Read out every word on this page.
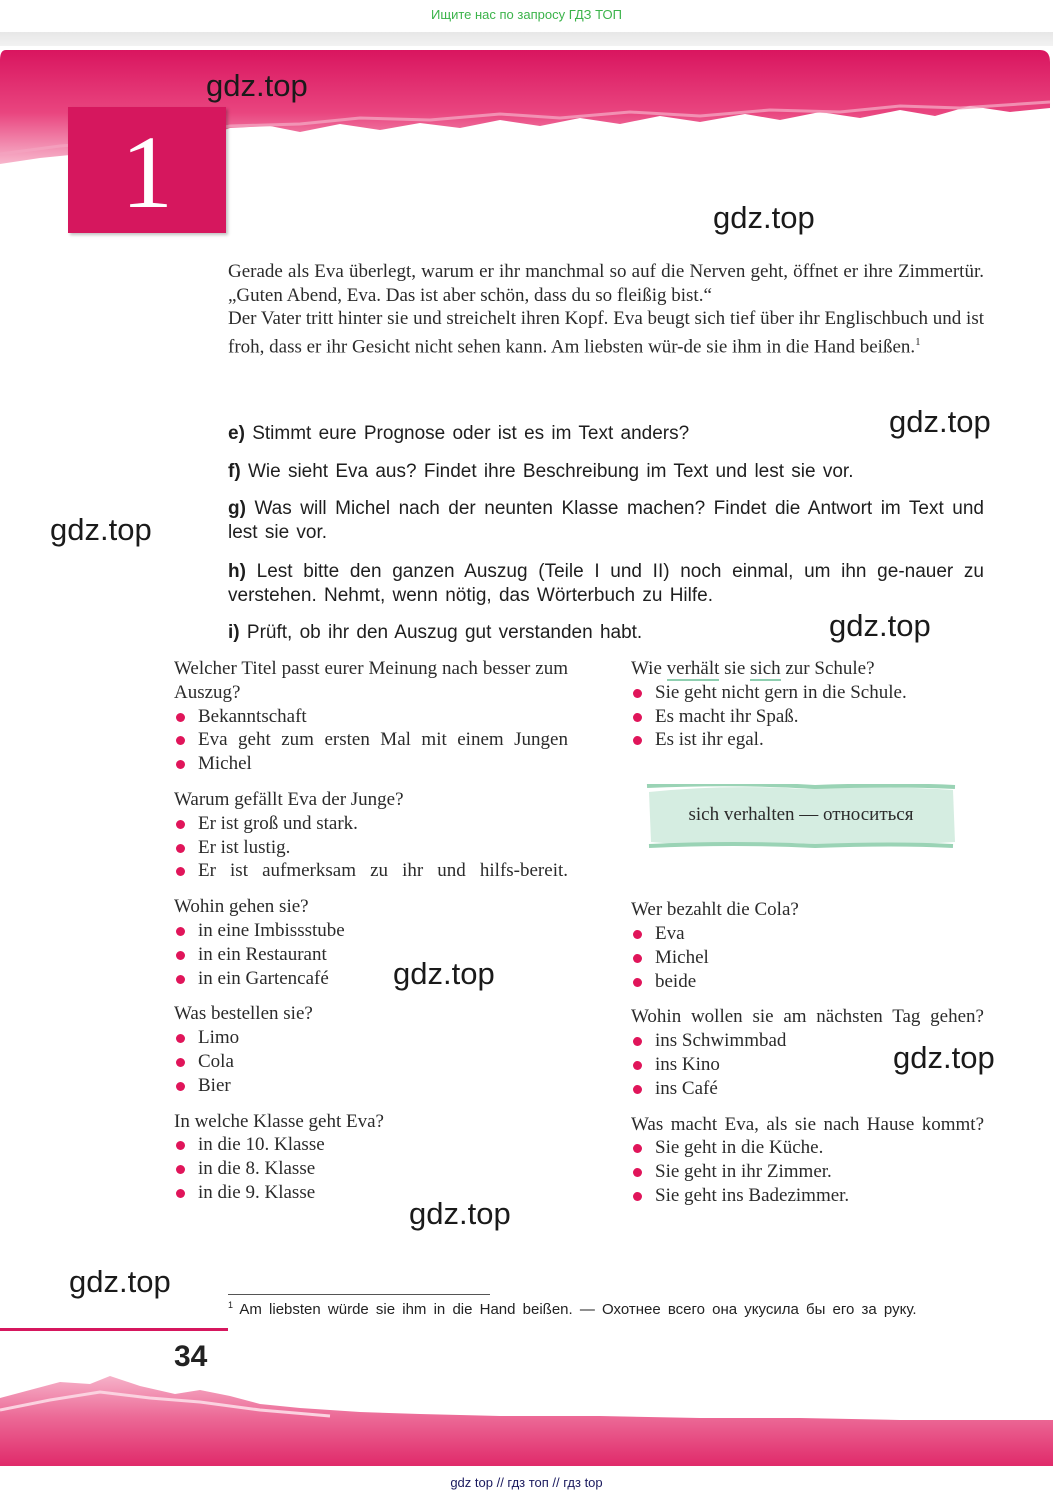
Ищите нас по запросу ГДЗ ТОП
1
gdz.top
gdz.top
gdz.top
gdz.top
gdz.top
gdz.top
gdz.top
gdz.top
gdz.top

Gerade als Eva überlegt, warum er ihr manchmal so auf die Nerven geht, öffnet er ihre Zimmertür.

„Guten Abend, Eva. Das ist aber schön, dass du so fleißig bist.“

Der Vater tritt hinter sie und streichelt ihren Kopf. Eva beugt sich tief über ihr Englischbuch und ist froh, dass er ihr Gesicht nicht sehen kann. Am liebsten wür-de sie ihm in die Hand beißen.$^1$

e) Stimmt eure Prognose oder ist es im Text anders?
f) Wie sieht Eva aus? Findet ihre Beschreibung im Text und lest sie vor.
g) Was will Michel nach der neunten Klasse machen? Findet die Antwort im Text und lest sie vor.
h) Lest bitte den ganzen Auszug (Teile I und II) noch einmal, um ihn ge-nauer zu verstehen. Nehmt, wenn nötig, das Wörterbuch zu Hilfe.
i) Prüft, ob ihr den Auszug gut verstanden habt.

Welcher Titel passt eurer Meinung nach besser zum Auszug?

Bekanntschaft
Eva geht zum ersten Mal mit einem Jungen
Michel

Warum gefällt Eva der Junge?

Er ist groß und stark.
Er ist lustig.
Er ist aufmerksam zu ihr und hilfs-bereit.

Wohin gehen sie?

in eine Imbissstube
in ein Restaurant
in ein Gartencafé

Was bestellen sie?

Limo
Cola
Bier

In welche Klasse geht Eva?

in die 10. Klasse
in die 8. Klasse
in die 9. Klasse

Wie verhält sie sich zur Schule?

Sie geht nicht gern in die Schule.
Es macht ihr Spaß.
Es ist ihr egal.

Wer bezahlt die Cola?

Eva
Michel
beide

Wohin wollen sie am nächsten Tag gehen?

ins Schwimmbad
ins Kino
ins Café

Was macht Eva, als sie nach Hause kommt?

Sie geht in die Küche.
Sie geht in ihr Zimmer.
Sie geht ins Badezimmer.
sich verhalten — относиться
$^1$ Am liebsten würde sie ihm in die Hand beißen. — Охотнее всего она укусила бы его за руку.
34
gdz top // гдз топ // гдз top
